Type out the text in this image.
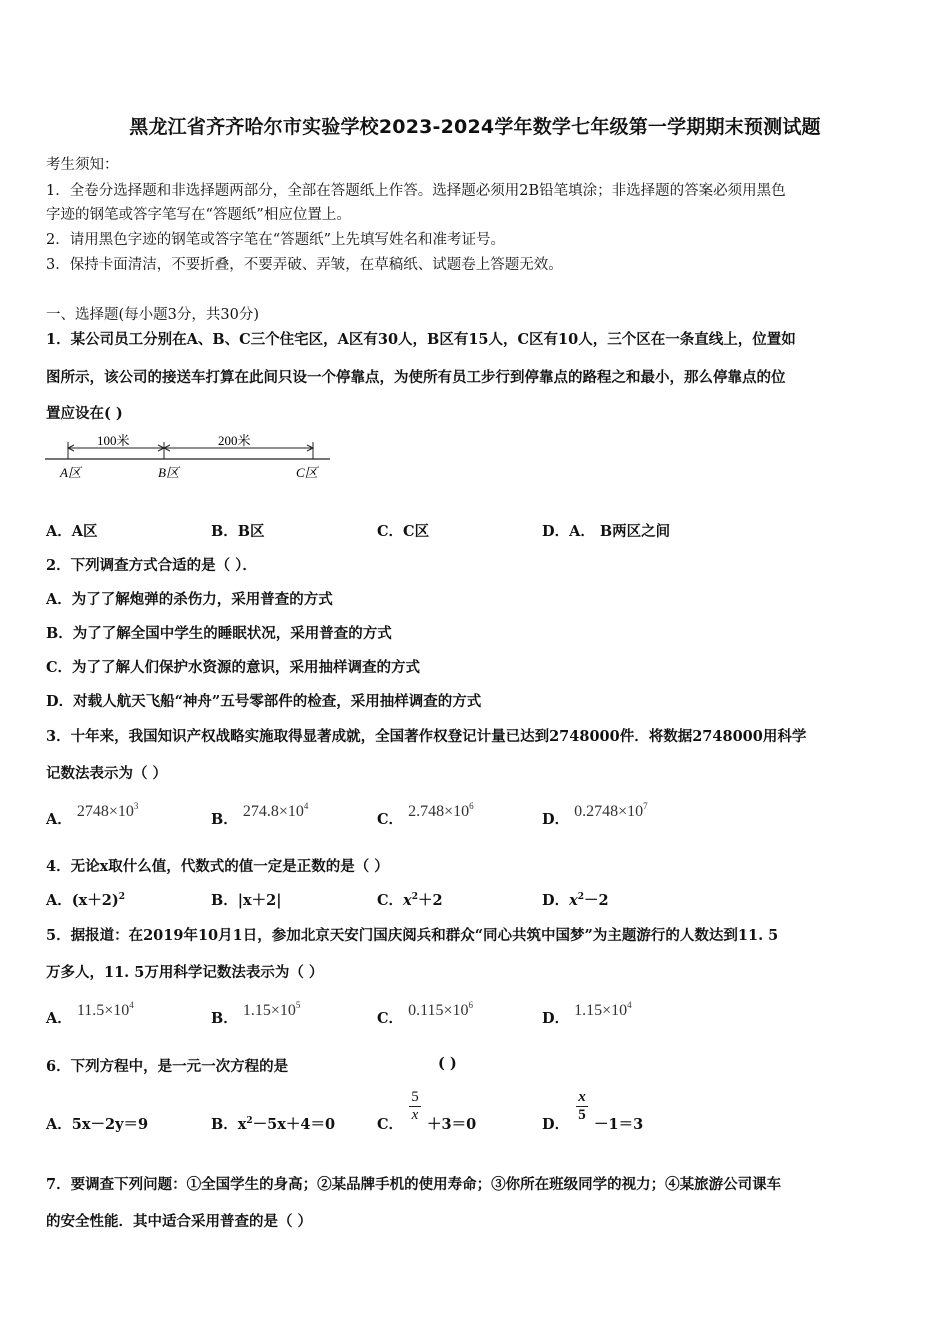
黑龙江省齐齐哈尔市实验学校2023-2024学年数学七年级第一学期期末预测试题
考生须知：
1．全卷分选择题和非选择题两部分，全部在答题纸上作答。选择题必须用2B铅笔填涂；非选择题的答案必须用黑色
字迹的钢笔或答字笔写在“答题纸”相应位置上。
2．请用黑色字迹的钢笔或答字笔在“答题纸”上先填写姓名和准考证号。
3．保持卡面清洁，不要折叠，不要弄破、弄皱，在草稿纸、试题卷上答题无效。
一、选择题(每小题3分，共30分)
1．某公司员工分别在A、B、C三个住宅区，A区有30人，B区有15人，C区有10人，三个区在一条直线上，位置如
图所示，该公司的接送车打算在此间只设一个停靠点，为使所有员工步行到停靠点的路程之和最小，那么停靠点的位
置应设在( )
100米	200米
A区	B区	C区
A．A区	B．B区	C．C区	D．A． B两区之间
2．下列调查方式合适的是（ ）．
A．为了了解炮弹的杀伤力，采用普查的方式
B．为了了解全国中学生的睡眠状况，采用普查的方式
C．为了了解人们保护水资源的意识，采用抽样调查的方式
D．对载人航天飞船“神舟”五号零部件的检查，采用抽样调查的方式
3．十年来，我国知识产权战略实施取得显著成就，全国著作权登记计量已达到2748000件．将数据2748000用科学
记数法表示为（ ）
A． $2748\times 10^3$
B． $274.8\times 10^4$
C． $2.748\times 10^6$
D． $0.2748\times 10^7$
4．无论x取什么值，代数式的值一定是正数的是（ ）
A．$(x+2)^2$	B．|x＋2|	C．$x^2+2$	D．$x^2-2$
5．据报道：在2019年10月1日，参加北京天安门国庆阅兵和群众“同心共筑中国梦”为主题游行的人数达到11. 5
万多人，11. 5万用科学记数法表示为（ ）
A． $11.5\times 10^4$
B． $1.15\times 10^5$
C． $0.115\times 10^6$
D． $1.15\times 10^4$
6．下列方程中，是一元一次方程的是	( )
A．5x－2y＝9	B．$x^2-5x+4=0$	C．
5
x
＋3＝0	D．
x
5
－1＝3
7．要调查下列问题：①全国学生的身高；②某品牌手机的使用寿命；③你所在班级同学的视力；④某旅游公司课车
的安全性能．其中适合采用普查的是（ ）
